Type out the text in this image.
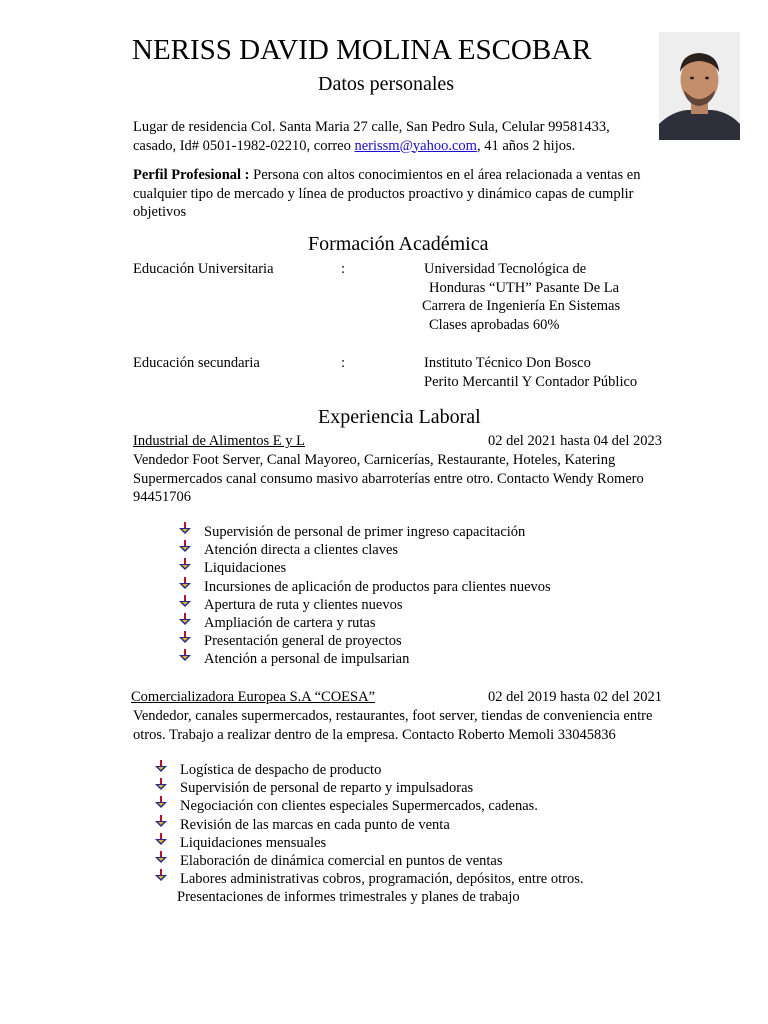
NERISS DAVID MOLINA ESCOBAR
Datos personales
Lugar de residencia Col. Santa Maria 27 calle, San Pedro Sula, Celular 99581433,
casado, Id# 0501-1982-02210, correo nerissm@yahoo.com, 41 años 2 hijos.
Perfil Profesional : Persona con altos conocimientos en el área relacionada a ventas en
cualquier tipo de mercado y línea de productos proactivo y dinámico capas de cumplir
objetivos
Formación Académica
Educación Universitaria	:	Universidad Tecnológica de
Honduras “UTH” Pasante De La
Carrera de Ingeniería En Sistemas
Clases aprobadas 60%
Educación secundaria	:	Instituto Técnico Don Bosco
Perito Mercantil Y Contador Público
Experiencia Laboral
Industrial de Alimentos E y L	02 del 2021 hasta 04 del 2023
Vendedor Foot Server, Canal Mayoreo, Carnicerías, Restaurante, Hoteles, Katering
Supermercados canal consumo masivo abarroterías entre otro. Contacto Wendy Romero
94451706
Supervisión de personal de primer ingreso capacitación
Atención directa a clientes claves
Liquidaciones
Incursiones de aplicación de productos para clientes nuevos
Apertura de ruta y clientes nuevos
Ampliación de cartera y rutas
Presentación general de proyectos
Atención a personal de impulsarian
Comercializadora Europea S.A “COESA”	02 del 2019 hasta 02 del 2021
Vendedor, canales supermercados, restaurantes, foot server, tiendas de conveniencia entre
otros. Trabajo a realizar dentro de la empresa. Contacto Roberto Memoli 33045836
Logística de despacho de producto
Supervisión de personal de reparto y impulsadoras
Negociación con clientes especiales Supermercados, cadenas.
Revisión de las marcas en cada punto de venta
Liquidaciones mensuales
Elaboración de dinámica comercial en puntos de ventas
Labores administrativas cobros, programación, depósitos, entre otros.
Presentaciones de informes trimestrales y planes de trabajo
